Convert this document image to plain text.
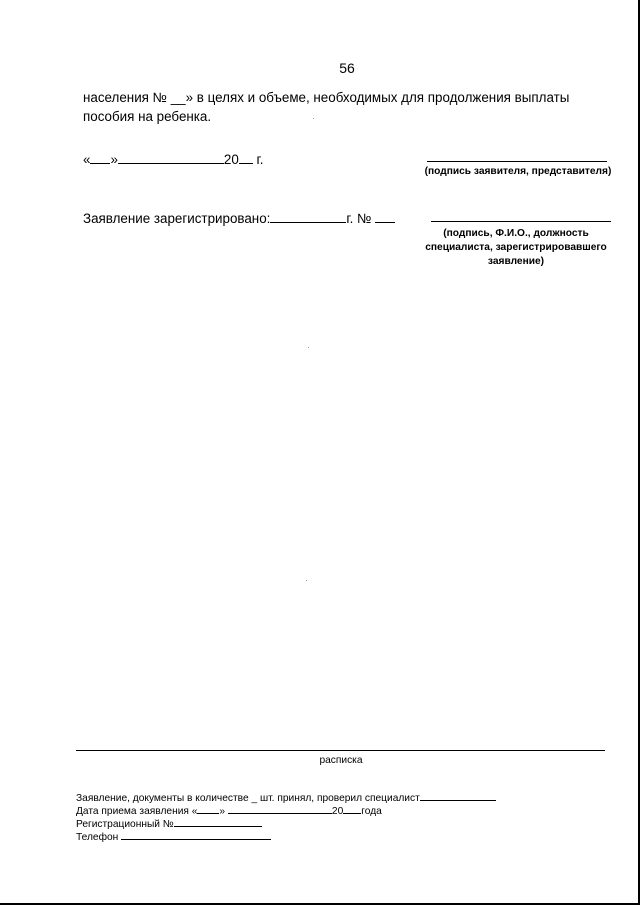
56
населения № __» в целях и объеме, необходимых для продолжения выплаты пособия на ребенка.
« »	20 г.
(подпись заявителя, представителя)
Заявление зарегистрировано:	г. №
(подпись, Ф.И.О., должность
специалиста, зарегистрировавшего
заявление)
расписка
Заявление, документы в количестве _ шт. принял, проверил специалист
Дата приема заявления « »	20 года
Регистрационный №
Телефон
